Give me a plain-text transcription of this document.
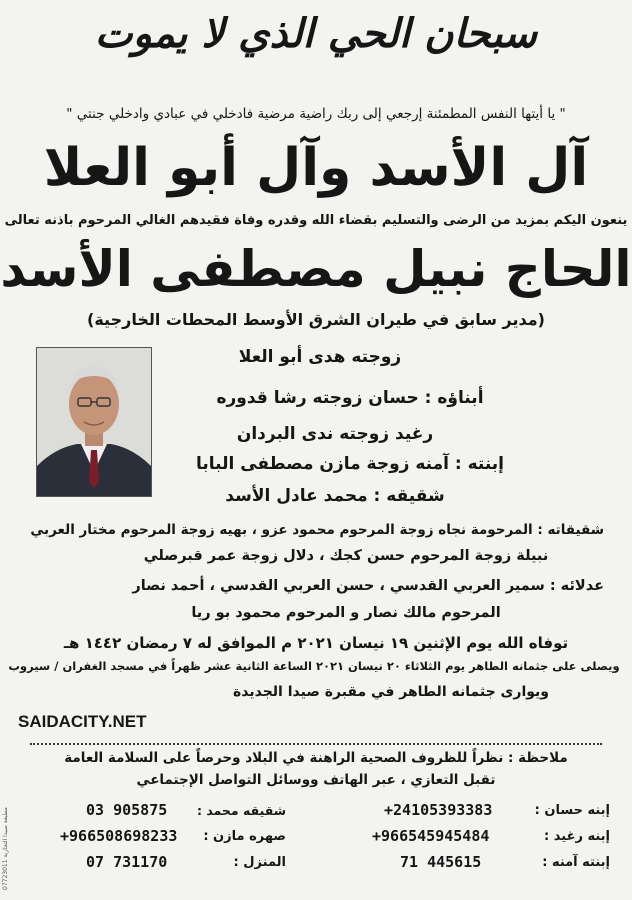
سبحان الحي الذي لا يموت
" يا أيتها النفس المطمئنة إرجعي إلى ربك راضية مرضية فادخلي في عبادي وادخلي جنتي "
آل الأسد وآل أبو العلا
ينعون اليكم بمزيد من الرضى والتسليم بقضاء الله وقدره وفاة فقيدهم الغالي المرحوم باذنه تعالى
الحاج نبيل مصطفى الأسد
(مدير سابق في طيران الشرق الأوسط المحطات الخارجية)
زوجته هدى أبو العلا
أبناؤه : حسان زوجته رشا قدوره
رغيد زوجته ندى البردان
إبنته : آمنه زوجة مازن مصطفى البابا
شقيقه : محمد عادل الأسد
شقيقاته : المرحومة نجاه زوجة المرحوم محمود عزو ، بهيه زوجة المرحوم مختار العربي
نبيلة زوجة المرحوم حسن كجك ، دلال زوجة عمر قبرصلي
عدلائه : سمير العربي القدسي ، حسن العربي القدسي ، أحمد نصار
المرحوم مالك نصار و المرحوم محمود بو ريا
توفاه الله يوم الإثنين ١٩ نيسان ٢٠٢١ م الموافق له ٧ رمضان ١٤٤٢ هـ
ويصلى على جثمانه الطاهر يوم الثلاثاء ٢٠ نيسان ٢٠٢١ الساعة الثانية عشر ظهراً في مسجد الغفران / سيروب
ويوارى جثمانه الطاهر في مقبرة صيدا الجديدة
SAIDACITY.NET
ملاحظة : نظراً للظروف الصحية الراهنة في البلاد وحرصاً على السلامة العامة
تقبل التعازي ، عبر الهاتف ووسائل التواصل الإجتماعي
إبنه حسان :
+24105393383
إبنه رغيد :
+966545945484
إبنته آمنه :
71 445615
شقيقه محمد :
03 905875
صهره مازن :
+966508698233
المنزل :
07 731170
مطبعة صيدا التجارية 07723011
